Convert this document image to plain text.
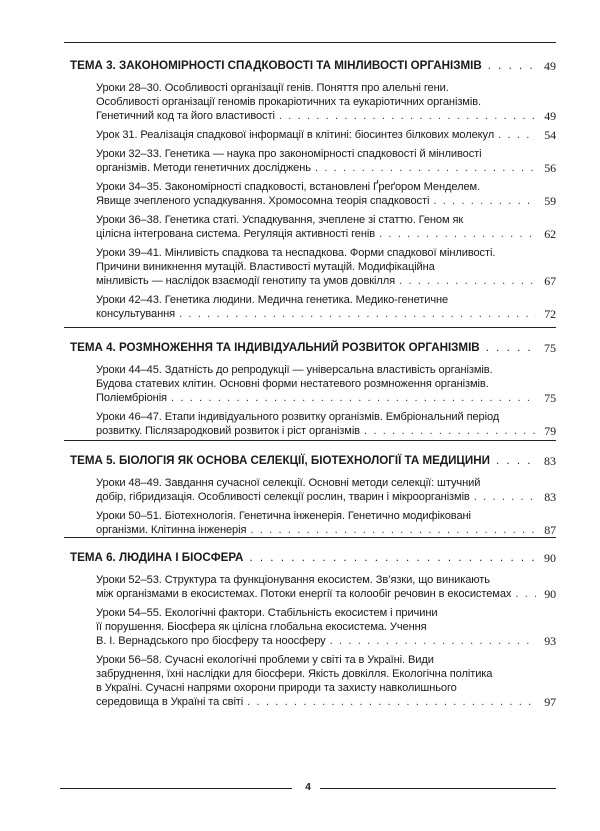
ТЕМА 3. ЗАКОНОМІРНОСТІ СПАДКОВОСТІ ТА МІНЛИВОСТІ ОРГАНІЗМІВ . . .	49
Уроки 28–30. Особливості організації генів. Поняття про алельні гени.
Особливості організації геномів прокаріотичних та еукаріотичних організмів.
Генетичний код та його властивості . . .	49
Урок 31. Реалізація спадкової інформації в клітині: біосинтез білкових молекул . . .	54
Уроки 32–33. Генетика — наука про закономірності спадковості й мінливості
організмів. Методи генетичних досліджень . . .	56
Уроки 34–35. Закономірності спадковості, встановлені Ґреґором Менделем.
Явище зчепленого успадкування. Хромосомна теорія спадковості . . .	59
Уроки 36–38. Генетика статі. Успадкування, зчеплене зі статтю. Геном як
цілісна інтегрована система. Регуляція активності генів . . .	62
Уроки 39–41. Мінливість спадкова та неспадкова. Форми спадкової мінливості.
Причини виникнення мутацій. Властивості мутацій. Модифікаційна
мінливість — наслідок взаємодії генотипу та умов довкілля . . .	67
Уроки 42–43. Генетика людини. Медична генетика. Медико-генетичне
консультування . . .	72
ТЕМА 4. РОЗМНОЖЕННЯ ТА ІНДИВІДУАЛЬНИЙ РОЗВИТОК ОРГАНІЗМІВ . . .	75
Уроки 44–45. Здатність до репродукції — універсальна властивість організмів.
Будова статевих клітин. Основні форми нестатевого розмноження організмів.
Поліембріонія . . .	75
Уроки 46–47. Етапи індивідуального розвитку організмів. Ембріональний період
розвитку. Післязародковий розвиток і ріст організмів . . .	79
ТЕМА 5. БІОЛОГІЯ ЯК ОСНОВА СЕЛЕКЦІЇ, БІОТЕХНОЛОГІЇ ТА МЕДИЦИНИ . . .	83
Уроки 48–49. Завдання сучасної селекції. Основні методи селекції: штучний
добір, гібридизація. Особливості селекції рослин, тварин і мікроорганізмів . . .	83
Уроки 50–51. Біотехнологія. Генетична інженерія. Генетично модифіковані
організми. Клітинна інженерія . . .	87
ТЕМА 6. ЛЮДИНА І БІОСФЕРА . . .	90
Уроки 52–53. Структура та функціонування екосистем. Зв’язки, що виникають
між організмами в екосистемах. Потоки енергії та колообіг речовин в екосистемах . . .	90
Уроки 54–55. Екологічні фактори. Стабільність екосистем і причини
її порушення. Біосфера як цілісна глобальна екосистема. Учення
В. І. Вернадського про біосферу та ноосферу . . .	93
Уроки 56–58. Сучасні екологічні проблеми у світі та в Україні. Види
забруднення, їхні наслідки для біосфери. Якість довкілля. Екологічна політика
в Україні. Сучасні напрями охорони природи та захисту навколишнього
середовища в Україні та світі . . .	97
4
